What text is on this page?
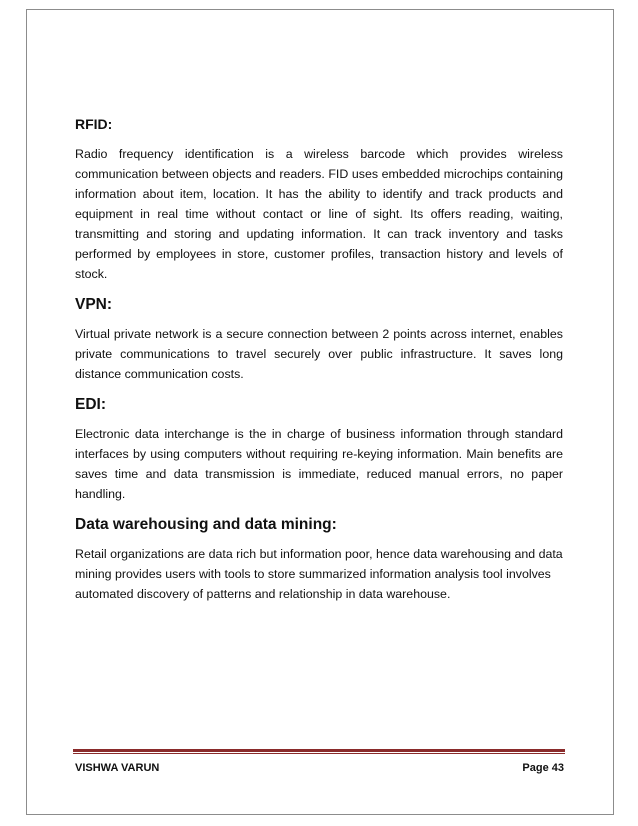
RFID:

Radio frequency identification is a wireless barcode which provides wireless communication between objects and readers. FID uses embedded microchips containing information about item, location. It has the ability to identify and track products and equipment in real time without contact or line of sight. Its offers reading, waiting, transmitting and storing and updating information. It can track inventory and tasks performed by employees in store, customer profiles, transaction history and levels of stock.

VPN:

Virtual private network is a secure connection between 2 points across internet, enables private communications to travel securely over public infrastructure. It saves long distance communication costs.

EDI:

Electronic data interchange is the in charge of business information through standard interfaces by using computers without requiring re-keying information. Main benefits are saves time and data transmission is immediate, reduced manual errors, no paper handling.

Data warehousing and data mining:

Retail organizations are data rich but information poor, hence data warehousing and data mining provides users with tools to store summarized information analysis tool involves automated discovery of patterns and relationship in data warehouse.

VISHWA VARUN	Page 43
